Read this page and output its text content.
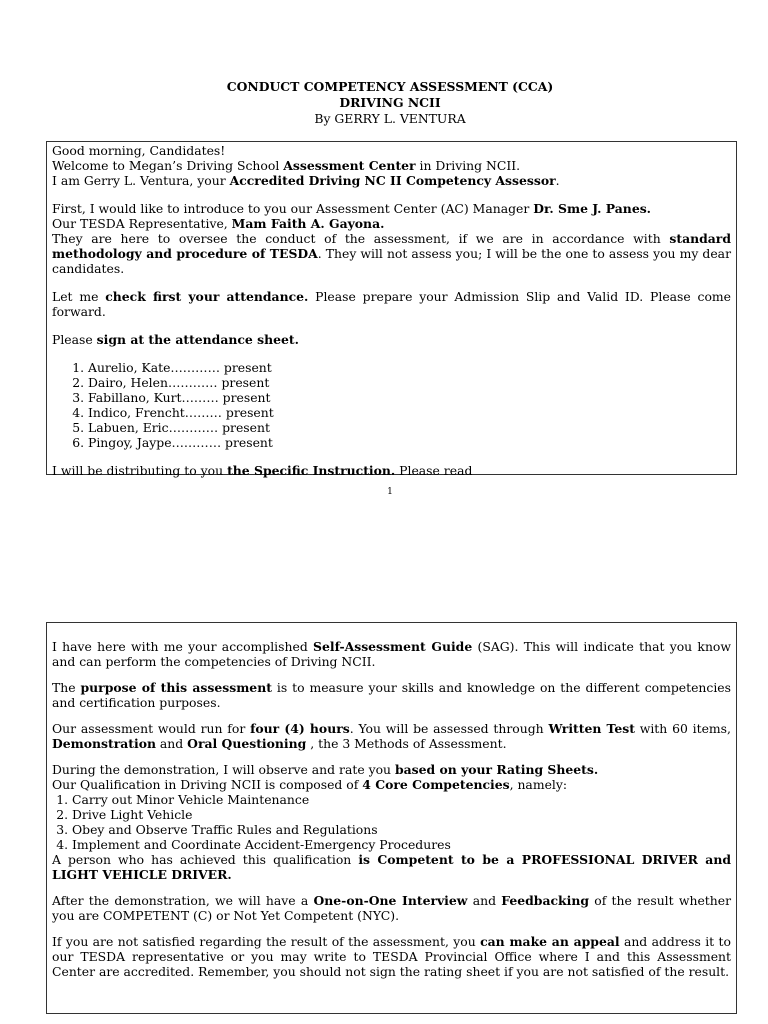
CONDUCT COMPETENCY ASSESSMENT (CCA)
DRIVING NCII
By GERRY L. VENTURA

Good morning, Candidates!

Welcome to Megan’s Driving School Assessment Center in Driving NCII.

I am Gerry L. Ventura, your Accredited Driving NC II Competency Assessor.

First, I would like to introduce to you our Assessment Center (AC) Manager Dr. Sme J. Panes.

Our TESDA Representative, Mam Faith A. Gayona.

They are here to oversee the conduct of the assessment, if we are in accordance with standard methodology and procedure of TESDA. They will not assess you; I will be the one to assess you my dear candidates.

Let me check first your attendance. Please prepare your Admission Slip and Valid ID. Please come forward.

Please sign at the attendance sheet.

1. Aurelio, Kate………… present
2. Dairo, Helen………… present
3. Fabillano, Kurt……… present
4. Indico, Frencht……… present
5. Labuen, Eric………… present
6. Pingoy, Jaype………… present

I will be distributing to you the Specific Instruction. Please read

1

I have here with me your accomplished Self-Assessment Guide (SAG). This will indicate that you know and can perform the competencies of Driving NCII.

The purpose of this assessment is to measure your skills and knowledge on the different competencies and certification purposes.

Our assessment would run for four (4) hours. You will be assessed through Written Test with 60 items, Demonstration and Oral Questioning , the 3 Methods of Assessment.

During the demonstration, I will observe and rate you based on your Rating Sheets.

Our Qualification in Driving NCII is composed of 4 Core Competencies, namely:

1. Carry out Minor Vehicle Maintenance
2. Drive Light Vehicle
3. Obey and Observe Traffic Rules and Regulations
4. Implement and Coordinate Accident-Emergency Procedures

A person who has achieved this qualification is Competent to be a PROFESSIONAL DRIVER and LIGHT VEHICLE DRIVER.

After the demonstration, we will have a One-on-One Interview and Feedbacking of the result whether you are COMPETENT (C) or Not Yet Competent (NYC).

If you are not satisfied regarding the result of the assessment, you can make an appeal and address it to our TESDA representative or you may write to TESDA Provincial Office where I and this Assessment Center are accredited. Remember, you should not sign the rating sheet if you are not satisfied of the result.
